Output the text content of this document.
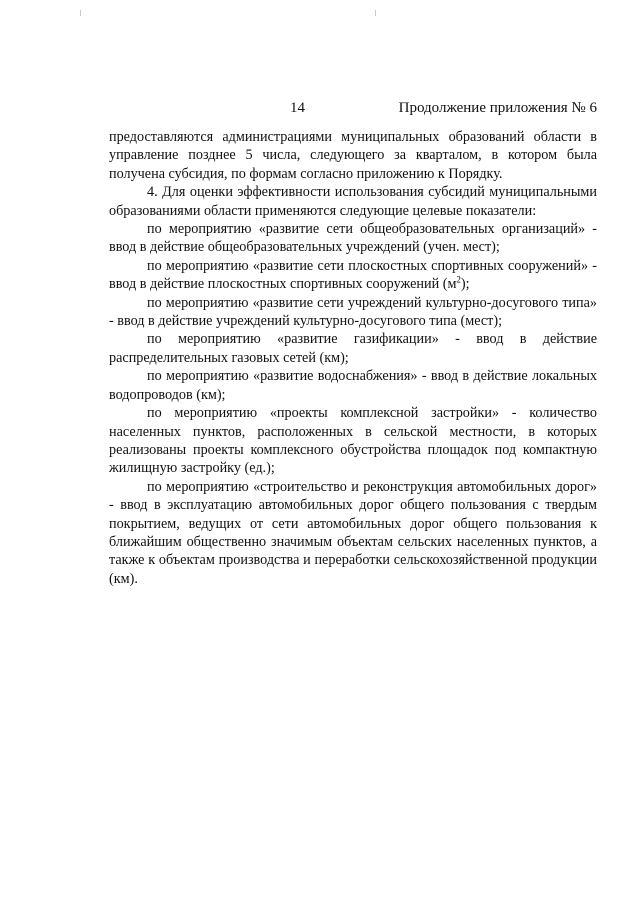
14	Продолжение приложения № 6

предоставляются администрациями муниципальных образований области в управление позднее 5 числа, следующего за кварталом, в котором была получена субсидия, по формам согласно приложению к Порядку.

4. Для оценки эффективности использования субсидий муниципальными образованиями области применяются следующие целевые показатели:

по мероприятию «развитие сети общеобразовательных организаций» - ввод в действие общеобразовательных учреждений (учен. мест);

по мероприятию «развитие сети плоскостных спортивных сооружений» - ввод в действие плоскостных спортивных сооружений $(м^2)$;

по мероприятию «развитие сети учреждений культурно-досугового типа» - ввод в действие учреждений культурно-досугового типа (мест);

по мероприятию «развитие газификации» - ввод в действие распределительных газовых сетей (км);

по мероприятию «развитие водоснабжения» - ввод в действие локальных водопроводов (км);

по мероприятию «проекты комплексной застройки» - количество населенных пунктов, расположенных в сельской местности, в которых реализованы проекты комплексного обустройства площадок под компактную жилищную застройку (ед.);

по мероприятию «строительство и реконструкция автомобильных дорог» - ввод в эксплуатацию автомобильных дорог общего пользования с твердым покрытием, ведущих от сети автомобильных дорог общего пользования к ближайшим общественно значимым объектам сельских населенных пунктов, а также к объектам производства и переработки сельскохозяйственной продукции (км).
